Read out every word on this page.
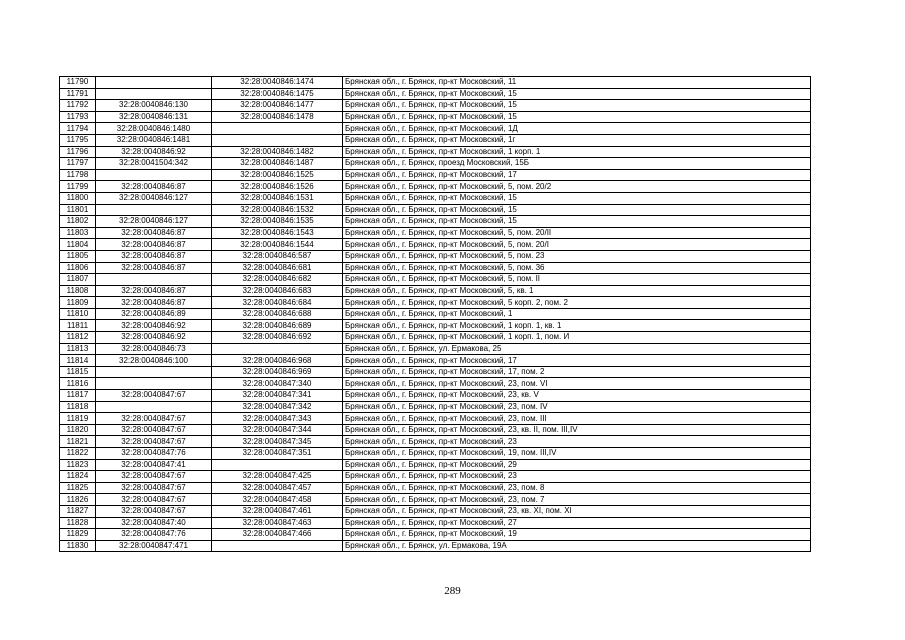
11790		32:28:0040846:1474	Брянская обл., г. Брянск, пр-кт Московский, 11
11791		32:28:0040846:1475	Брянская обл., г. Брянск, пр-кт Московский, 15
11792	32:28:0040846:130	32:28:0040846:1477	Брянская обл., г. Брянск, пр-кт Московский, 15
11793	32:28:0040846:131	32:28:0040846:1478	Брянская обл., г. Брянск, пр-кт Московский, 15
11794	32:28:0040846:1480		Брянская обл., г. Брянск, пр-кт Московский, 1Д
11795	32:28:0040846:1481		Брянская обл., г. Брянск, пр-кт Московский, 1г
11796	32:28:0040846:92	32:28:0040846:1482	Брянская обл., г. Брянск, пр-кт Московский, 1 корп. 1
11797	32:28:0041504:342	32:28:0040846:1487	Брянская обл., г. Брянск, проезд Московский, 15Б
11798		32:28:0040846:1525	Брянская обл., г. Брянск, пр-кт Московский, 17
11799	32:28:0040846:87	32:28:0040846:1526	Брянская обл., г. Брянск, пр-кт Московский, 5, пом. 20/2
11800	32:28:0040846:127	32:28:0040846:1531	Брянская обл., г. Брянск, пр-кт Московский, 15
11801		32:28:0040846:1532	Брянская обл., г. Брянск, пр-кт Московский, 15
11802	32:28:0040846:127	32:28:0040846:1535	Брянская обл., г. Брянск, пр-кт Московский, 15
11803	32:28:0040846:87	32:28:0040846:1543	Брянская обл., г. Брянск, пр-кт Московский, 5, пом. 20/II
11804	32:28:0040846:87	32:28:0040846:1544	Брянская обл., г. Брянск, пр-кт Московский, 5, пом. 20/I
11805	32:28:0040846:87	32:28:0040846:587	Брянская обл., г. Брянск, пр-кт Московский, 5, пом. 23
11806	32:28:0040846:87	32:28:0040846:681	Брянская обл., г. Брянск, пр-кт Московский, 5, пом. 36
11807		32:28:0040846:682	Брянская обл., г. Брянск, пр-кт Московский, 5, пом. II
11808	32:28:0040846:87	32:28:0040846:683	Брянская обл., г. Брянск, пр-кт Московский, 5, кв. 1
11809	32:28:0040846:87	32:28:0040846:684	Брянская обл., г. Брянск, пр-кт Московский, 5 корп. 2, пом. 2
11810	32:28:0040846:89	32:28:0040846:688	Брянская обл., г. Брянск, пр-кт Московский, 1
11811	32:28:0040846:92	32:28:0040846:689	Брянская обл., г. Брянск, пр-кт Московский, 1 корп. 1, кв. 1
11812	32:28:0040846:92	32:28:0040846:692	Брянская обл., г. Брянск, пр-кт Московский, 1 корп. 1, пом. И
11813	32:28:0040846:73		Брянская обл., г. Брянск, ул. Ермакова, 25
11814	32:28:0040846:100	32:28:0040846:968	Брянская обл., г. Брянск, пр-кт Московский, 17
11815		32:28:0040846:969	Брянская обл., г. Брянск, пр-кт Московский, 17, пом. 2
11816		32:28:0040847:340	Брянская обл., г. Брянск, пр-кт Московский, 23, пом. VI
11817	32:28:0040847:67	32:28:0040847:341	Брянская обл., г. Брянск, пр-кт Московский, 23, кв. V
11818		32:28:0040847:342	Брянская обл., г. Брянск, пр-кт Московский, 23, пом. IV
11819	32:28:0040847:67	32:28:0040847:343	Брянская обл., г. Брянск, пр-кт Московский, 23, пом. III
11820	32:28:0040847:67	32:28:0040847:344	Брянская обл., г. Брянск, пр-кт Московский, 23, кв. II, пом. III,IV
11821	32:28:0040847:67	32:28:0040847:345	Брянская обл., г. Брянск, пр-кт Московский, 23
11822	32:28:0040847:76	32:28:0040847:351	Брянская обл., г. Брянск, пр-кт Московский, 19, пом. III,IV
11823	32:28:0040847:41		Брянская обл., г. Брянск, пр-кт Московский, 29
11824	32:28:0040847:67	32:28:0040847:425	Брянская обл., г. Брянск, пр-кт Московский, 23
11825	32:28:0040847:67	32:28:0040847:457	Брянская обл., г. Брянск, пр-кт Московский, 23, пом. 8
11826	32:28:0040847:67	32:28:0040847:458	Брянская обл., г. Брянск, пр-кт Московский, 23, пом. 7
11827	32:28:0040847:67	32:28:0040847:461	Брянская обл., г. Брянск, пр-кт Московский, 23, кв. XI, пом. XI
11828	32:28:0040847:40	32:28:0040847:463	Брянская обл., г. Брянск, пр-кт Московский, 27
11829	32:28:0040847:76	32:28:0040847:466	Брянская обл., г. Брянск, пр-кт Московский, 19
11830	32:28:0040847:471		Брянская обл., г. Брянск, ул. Ермакова, 19А
289
